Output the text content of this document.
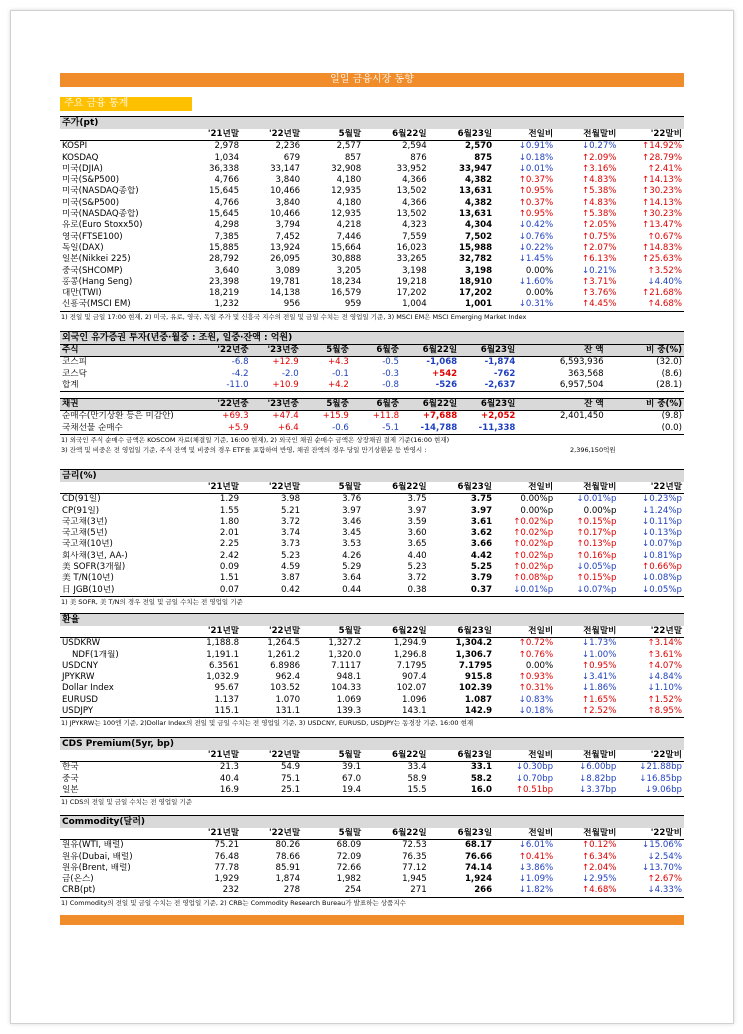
일일 금융시장 동향
주요 금융 통계
주가(pt)								
	'21년말	'22년말	5월말	6월22일	6월23일	전일비	전월말비	'22말비
KOSPI	2,978	2,236	2,577	2,594	2,570	↓0.91%	↓0.27%	↑14.92%
KOSDAQ	1,034	679	857	876	875	↓0.18%	↑2.09%	↑28.79%
미국(DJIA)	36,338	33,147	32,908	33,952	33,947	↓0.01%	↑3.16%	↑2.41%
미국(S&P500)	4,766	3,840	4,180	4,366	4,382	↑0.37%	↑4.83%	↑14.13%
미국(NASDAQ종합)	15,645	10,466	12,935	13,502	13,631	↑0.95%	↑5.38%	↑30.23%
미국(S&P500)	4,766	3,840	4,180	4,366	4,382	↑0.37%	↑4.83%	↑14.13%
미국(NASDAQ종합)	15,645	10,466	12,935	13,502	13,631	↑0.95%	↑5.38%	↑30.23%
유로(Euro Stoxx50)	4,298	3,794	4,218	4,323	4,304	↓0.42%	↑2.05%	↑13.47%
영국(FTSE100)	7,385	7,452	7,446	7,559	7,502	↓0.76%	↑0.75%	↑0.67%
독일(DAX)	15,885	13,924	15,664	16,023	15,988	↓0.22%	↑2.07%	↑14.83%
일본(Nikkei 225)	28,792	26,095	30,888	33,265	32,782	↓1.45%	↑6.13%	↑25.63%
중국(SHCOMP)	3,640	3,089	3,205	3,198	3,198	0.00%	↓0.21%	↑3.52%
홍콩(Hang Seng)	23,398	19,781	18,234	19,218	18,910	↓1.60%	↑3.71%	↓4.40%
대만(TWI)	18,219	14,138	16,579	17,202	17,202	0.00%	↑3.76%	↑21.68%
신흥국(MSCI EM)	1,232	956	959	1,004	1,001	↓0.31%	↑4.45%	↑4.68%
1) 전일 및 금일 17:00 현재, 2) 미국, 유로, 영국, 독일 주가 및 신흥국 지수의 전일 및 금일 수치는 전 영업일 기준, 3) MSCI EM은 MSCI Emerging Market Index
외국인 유가증권 투자(년중·월중 : 조원, 일중·잔액 : 억원)								
주식	'22년중	'23년중	5월중	6월중	6월22일	6월23일	잔 액	비 중(%)
코스피	-6.8	+12.9	+4.3	-0.5	-1,068	-1,874	6,593,936	(32.0)
코스닥	-4.2	-2.0	-0.1	-0.3	+542	-762	363,568	(8.6)
합계	-11.0	+10.9	+4.2	-0.8	-526	-2,637	6,957,504	(28.1)
채권	'22년중	'23년중	5월중	6월중	6월22일	6월23일	잔 액	비 중(%)
순매수(만기상환 등은 미감안)	+69.3	+47.4	+15.9	+11.8	+7,688	+2,052	2,401,450	(9.8)
국채선물 순매수	+5.9	+6.4	-0.6	-5.1	-14,788	-11,338		(0.0)
1) 외국인 주식 순매수 금액은 KOSCOM 자료(체결일 기준, 16:00 현재), 2) 외국인 채권 순매수 금액은 상장채권 결제 기준(16:00 현재)
3) 잔액 및 비중은 전 영업일 기준, 주식 잔액 및 비중의 경우 ETF를 포함하여 반영, 채권 잔액의 경우 당일 만기상환분 등 반영시 :	2,396,150억원
금리(%)								
	'21년말	'22년말	5월말	6월22일	6월23일	전일비	전월말비	'22년말
CD(91일)	1.29	3.98	3.76	3.75	3.75	0.00%p	↓0.01%p	↓0.23%p
CP(91일)	1.55	5.21	3.97	3.97	3.97	0.00%p	0.00%p	↓1.24%p
국고채(3년)	1.80	3.72	3.46	3.59	3.61	↑0.02%p	↑0.15%p	↓0.11%p
국고채(5년)	2.01	3.74	3.45	3.60	3.62	↑0.02%p	↑0.17%p	↓0.13%p
국고채(10년)	2.25	3.73	3.53	3.65	3.66	↑0.02%p	↑0.13%p	↓0.07%p
회사채(3년, AA-)	2.42	5.23	4.26	4.40	4.42	↑0.02%p	↑0.16%p	↓0.81%p
美 SOFR(3개월)	0.09	4.59	5.29	5.23	5.25	↑0.02%p	↓0.05%p	↑0.66%p
美 T/N(10년)	1.51	3.87	3.64	3.72	3.79	↑0.08%p	↑0.15%p	↓0.08%p
日 JGB(10년)	0.07	0.42	0.44	0.38	0.37	↓0.01%p	↓0.07%p	↓0.05%p
1) 美 SOFR, 美 T/N의 경우 전일 및 금일 수치는 전 영업일 기준
환율								
	'21년말	'22년말	5월말	6월22일	6월23일	전일비	전월말비	'22년말
USDKRW	1,188.8	1,264.5	1,327.2	1,294.9	1,304.2	↑0.72%	↓1.73%	↑3.14%
NDF(1개월)	1,191.1	1,261.2	1,320.0	1,296.8	1,306.7	↑0.76%	↓1.00%	↑3.61%
USDCNY	6.3561	6.8986	7.1117	7.1795	7.1795	0.00%	↑0.95%	↑4.07%
JPYKRW	1,032.9	962.4	948.1	907.4	915.8	↑0.93%	↓3.41%	↓4.84%
Dollar Index	95.67	103.52	104.33	102.07	102.39	↑0.31%	↓1.86%	↓1.10%
EURUSD	1.137	1.070	1.069	1.096	1.087	↓0.83%	↑1.65%	↑1.52%
USDJPY	115.1	131.1	139.3	143.1	142.9	↓0.18%	↑2.52%	↑8.95%
1) JPYKRW는 100엔 기준, 2)Dollar Index의 전일 및 금일 수치는 전 영업일 기준, 3) USDCNY, EURUSD, USDJPY는 동경장 기준, 16:00 현재
CDS Premium(5yr, bp)								
	'21년말	'22년말	5월말	6월22일	6월23일	전일비	전월말비	'22말비
한국	21.3	54.9	39.1	33.4	33.1	↓0.30bp	↓6.00bp	↓21.88bp
중국	40.4	75.1	67.0	58.9	58.2	↓0.70bp	↓8.82bp	↓16.85bp
일본	16.9	25.1	19.4	15.5	16.0	↑0.51bp	↓3.37bp	↓9.06bp
1) CDS의 전일 및 금일 수치는 전 영업일 기준
Commodity(달러)								
	'21년말	'22년말	5월말	6월22일	6월23일	전일비	전월말비	'22말비
원유(WTI, 배럴)	75.21	80.26	68.09	72.53	68.17	↓6.01%	↑0.12%	↓15.06%
원유(Dubai, 배럴)	76.48	78.66	72.09	76.35	76.66	↑0.41%	↑6.34%	↓2.54%
원유(Brent, 배럴)	77.78	85.91	72.66	77.12	74.14	↓3.86%	↑2.04%	↓13.70%
금(온스)	1,929	1,874	1,982	1,945	1,924	↓1.09%	↓2.95%	↑2.67%
CRB(pt)	232	278	254	271	266	↓1.82%	↑4.68%	↓4.33%
1) Commodity의 전일 및 금일 수치는 전 영업일 기준, 2) CRB는 Commodity Research Bureau가 발표하는 상품지수
